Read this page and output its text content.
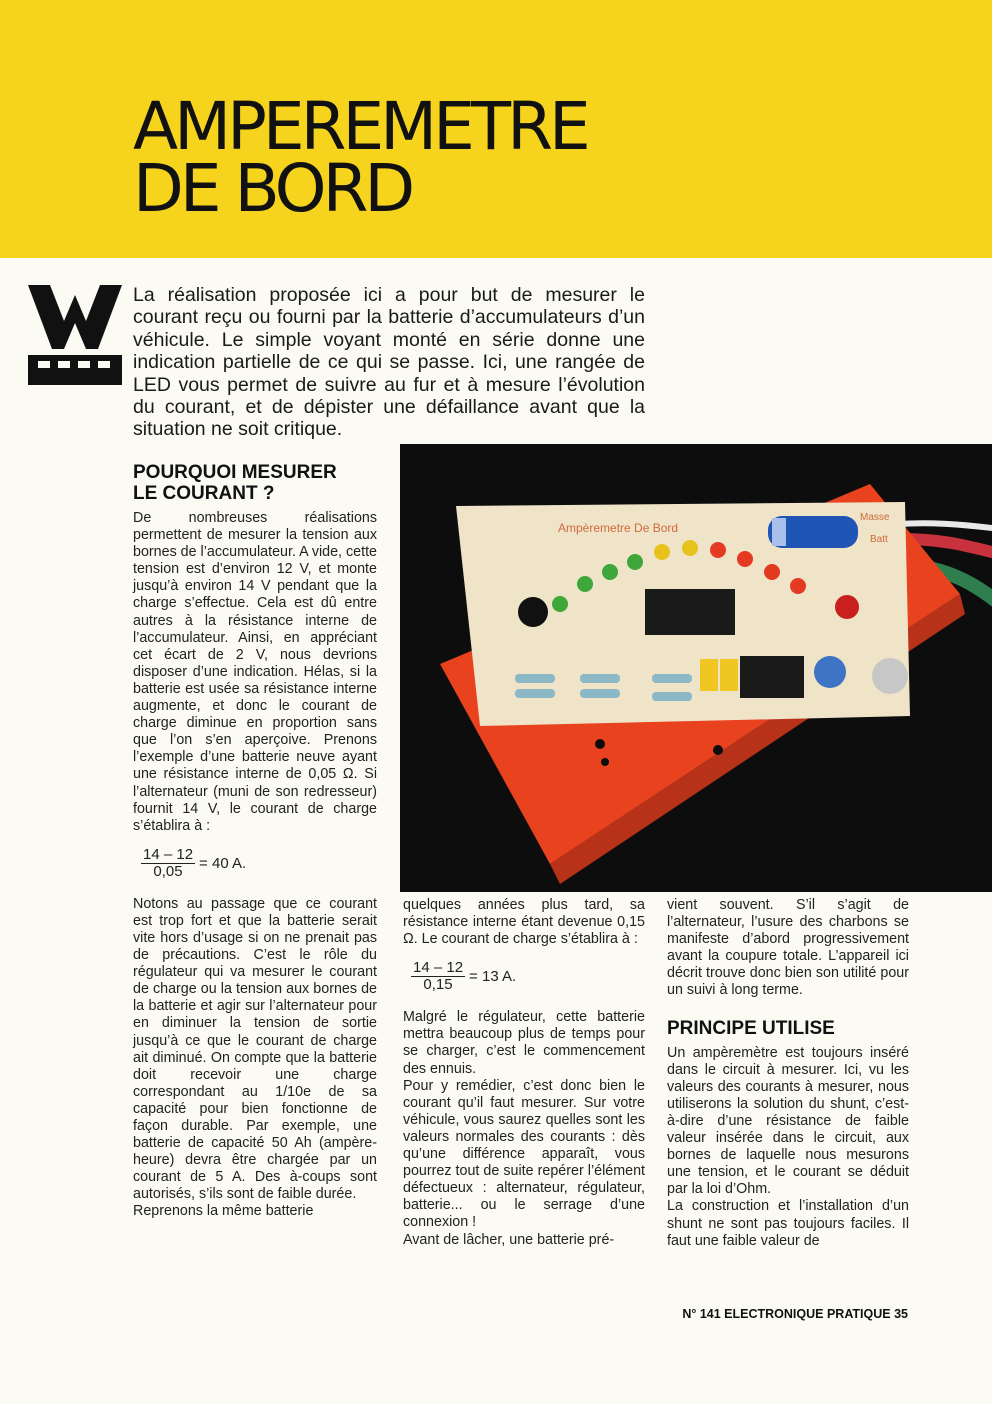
AMPEREMETRE
DE BORD

La réalisation proposée ici a pour but de mesurer le courant reçu ou fourni par la batterie d’accumulateurs d’un véhicule. Le simple voyant monté en série donne une indication partielle de ce qui se passe. Ici, une rangée de LED vous permet de suivre au fur et à mesure l’évolution du courant, et de dépister une défaillance avant que la situation ne soit critique.

POURQUOI MESURER
LE COURANT ?

De nombreuses réalisations permettent de mesurer la tension aux bornes de l’accumulateur. A vide, cette tension est d’environ 12 V, et monte jusqu’à environ 14 V pendant que la charge s’effectue. Cela est dû entre autres à la résistance interne de l’accumulateur. Ainsi, en appréciant cet écart de 2 V, nous devrions disposer d’une indication. Hélas, si la batterie est usée sa résistance interne augmente, et donc le courant de charge diminue en proportion sans que l’on s’en aperçoive. Prenons l’exemple d’une batterie neuve ayant une résistance interne de 0,05 Ω. Si l’alternateur (muni de son redresseur) fournit 14 V, le courant de charge s’établira à :

$\frac{14 - 12}{0,05} = 40$ A.

Notons au passage que ce courant est trop fort et que la batterie serait vite hors d’usage si on ne prenait pas de précautions. C’est le rôle du régulateur qui va mesurer le courant de charge ou la tension aux bornes de la batterie et agir sur l’alternateur pour en diminuer la tension de sortie jusqu’à ce que le courant de charge ait diminué. On compte que la batterie doit recevoir une charge correspondant au 1/10e de sa capacité pour bien fonctionne de façon durable. Par exemple, une batterie de capacité 50 Ah (ampère-heure) devra être chargée par un courant de 5 A. Des à-coups sont autorisés, s’ils sont de faible durée.

Reprenons la même batterie

Ampèremetre De Bord
Masse
Batt

quelques années plus tard, sa résistance interne étant devenue 0,15 Ω. Le courant de charge s’établira à :

$\frac{14 - 12}{0,15} = 13$ A.

Malgré le régulateur, cette batterie mettra beaucoup plus de temps pour se charger, c’est le commencement des ennuis.

Pour y remédier, c’est donc bien le courant qu’il faut mesurer. Sur votre véhicule, vous saurez quelles sont les valeurs normales des courants : dès qu’une différence apparaît, vous pourrez tout de suite repérer l’élément défectueux : alternateur, régulateur, batterie... ou le serrage d’une connexion !

Avant de lâcher, une batterie pré-

vient souvent. S’il s’agit de l’alternateur, l’usure des charbons se manifeste d’abord progressivement avant la coupure totale. L’appareil ici décrit trouve donc bien son utilité pour un suivi à long terme.

PRINCIPE UTILISE

Un ampèremètre est toujours inséré dans le circuit à mesurer. Ici, vu les valeurs des courants à mesurer, nous utiliserons la solution du shunt, c’est-à-dire d’une résistance de faible valeur insérée dans le circuit, aux bornes de laquelle nous mesurons une tension, et le courant se déduit par la loi d’Ohm.

La construction et l’installation d’un shunt ne sont pas toujours faciles. Il faut une faible valeur de

N° 141 ELECTRONIQUE PRATIQUE 35
